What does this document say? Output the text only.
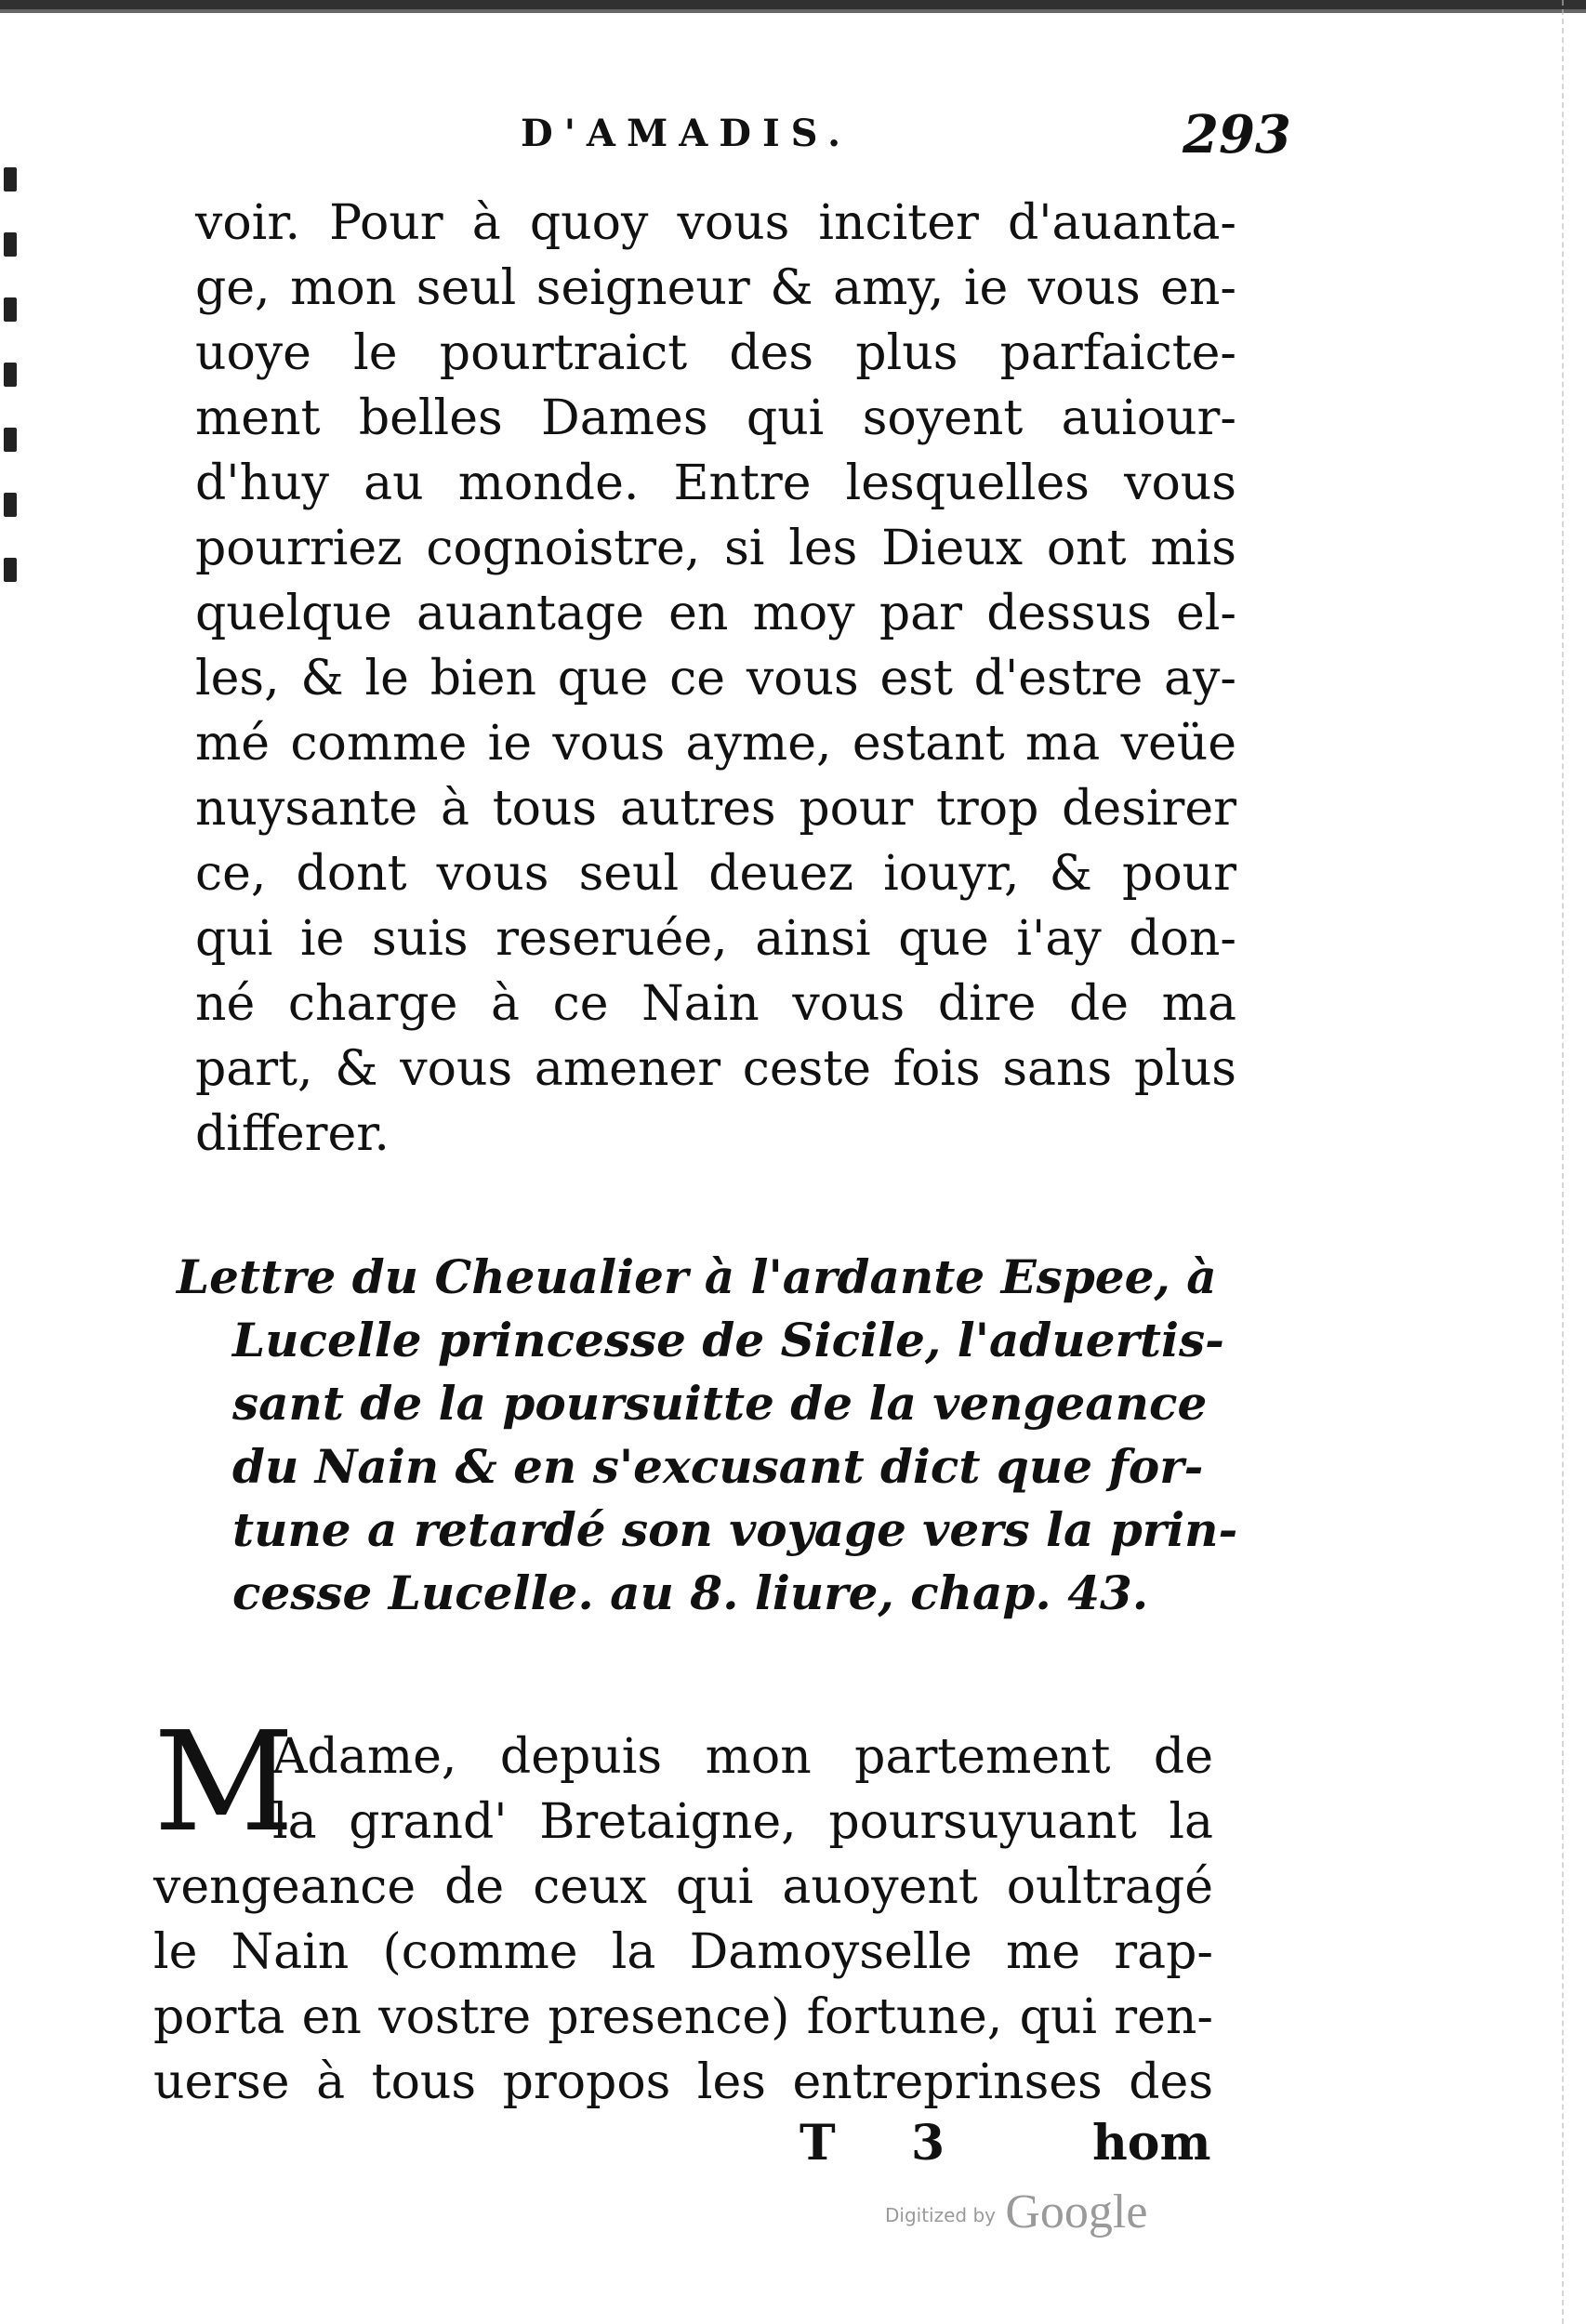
D'AMADIS.	293
voir. Pour à quoy vous inciter d'auanta-
ge, mon seul seigneur & amy, ie vous en-
uoye le pourtraict des plus parfaicte-
ment belles Dames qui soyent auiour-
d'huy au monde. Entre lesquelles vous
pourriez cognoistre, si les Dieux ont mis
quelque auantage en moy par dessus el-
les, & le bien que ce vous est d'estre ay-
mé comme ie vous ayme, estant ma veüe
nuysante à tous autres pour trop desirer
ce, dont vous seul deuez iouyr, & pour
qui ie suis reseruée, ainsi que i'ay don-
né charge à ce Nain vous dire de ma
part, & vous amener ceste fois sans plus
differer.
Lettre du Cheualier à l'ardante Espee, à
Lucelle princesse de Sicile, l'aduertis-
sant de la poursuitte de la vengeance
du Nain & en s'excusant dict que for-
tune a retardé son voyage vers la prin-
cesse Lucelle. au 8. liure, chap. 43.
M
Adame, depuis mon partement de
la grand' Bretaigne, poursuyuant la
vengeance de ceux qui auoyent oultragé
le Nain (comme la Damoyselle me rap-
porta en vostre presence) fortune, qui ren-
uerse à tous propos les entreprinses des
T 3	hom
Digitized by Google
